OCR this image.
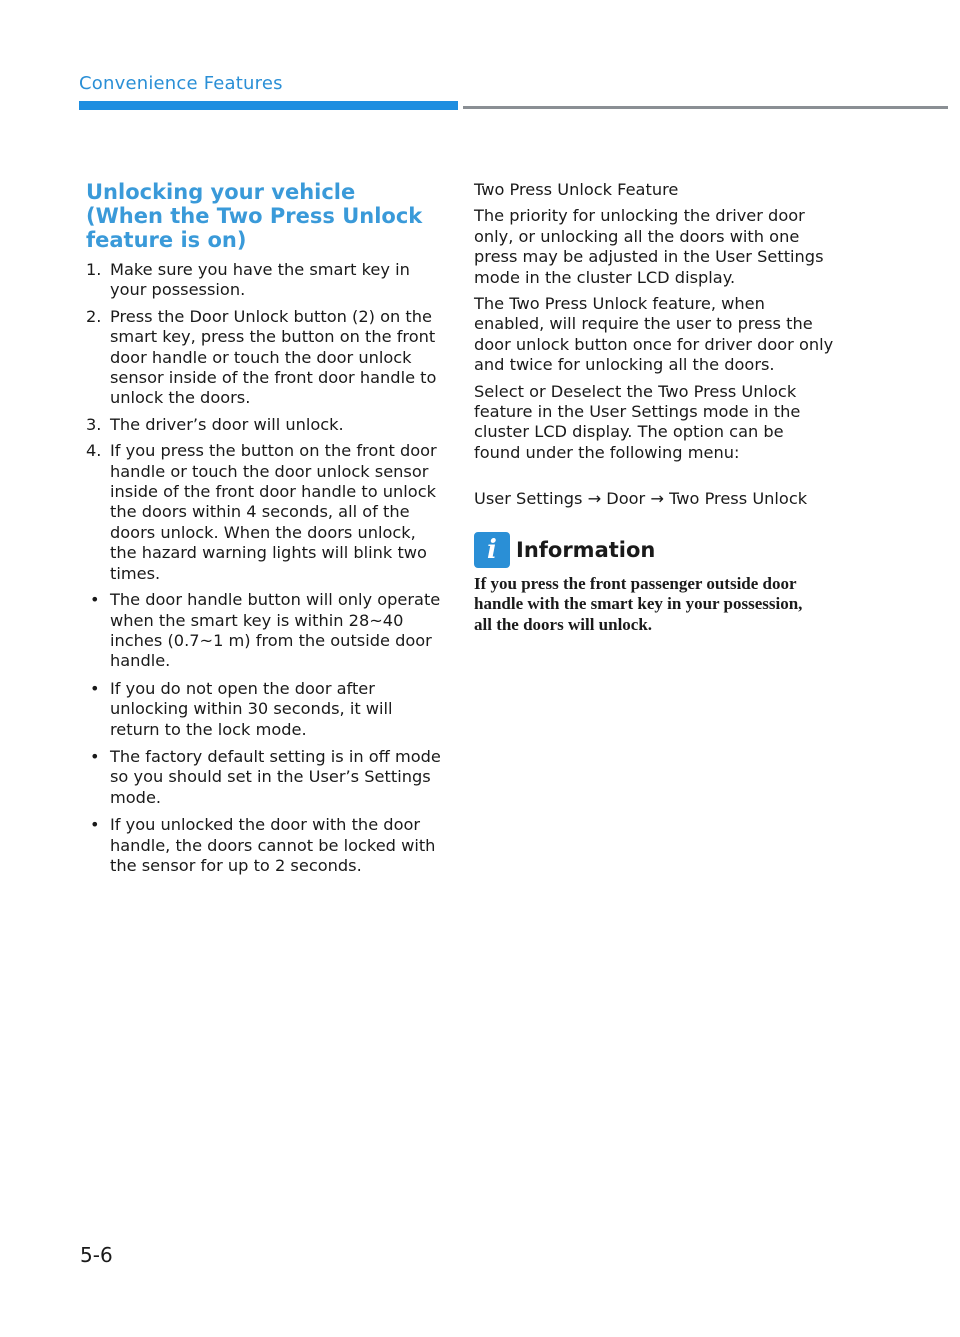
Convenience Features
Unlocking your vehicle
(When the Two Press Unlock
feature is on)
1. Make sure you have the smart key in your possession.
2. Press the Door Unlock button (2) on the smart key, press the button on the front door handle or touch the door unlock sensor inside of the front door handle to unlock the doors.
3. The driver’s door will unlock.
4. If you press the button on the front door handle or touch the door unlock sensor inside of the front door handle to unlock the doors within 4 seconds, all of the doors unlock. When the doors unlock, the hazard warning lights will blink two times.
• The door handle button will only operate when the smart key is within 28~40 inches (0.7~1 m) from the outside door handle.
• If you do not open the door after unlocking within 30 seconds, it will return to the lock mode.
• The factory default setting is in off mode so you should set in the User’s Settings mode.
• If you unlocked the door with the door handle, the doors cannot be locked with the sensor for up to 2 seconds.

Two Press Unlock Feature

The priority for unlocking the driver door only, or unlocking all the doors with one press may be adjusted in the User Settings mode in the cluster LCD display.

The Two Press Unlock feature, when enabled, will require the user to press the door unlock button once for driver door only and twice for unlocking all the doors.

Select or Deselect the Two Press Unlock feature in the User Settings mode in the cluster LCD display. The option can be found under the following menu:

User Settings → Door → Two Press Unlock

i Information
If you press the front passenger outside door handle with the smart key in your possession, all the doors will unlock.
5-6
